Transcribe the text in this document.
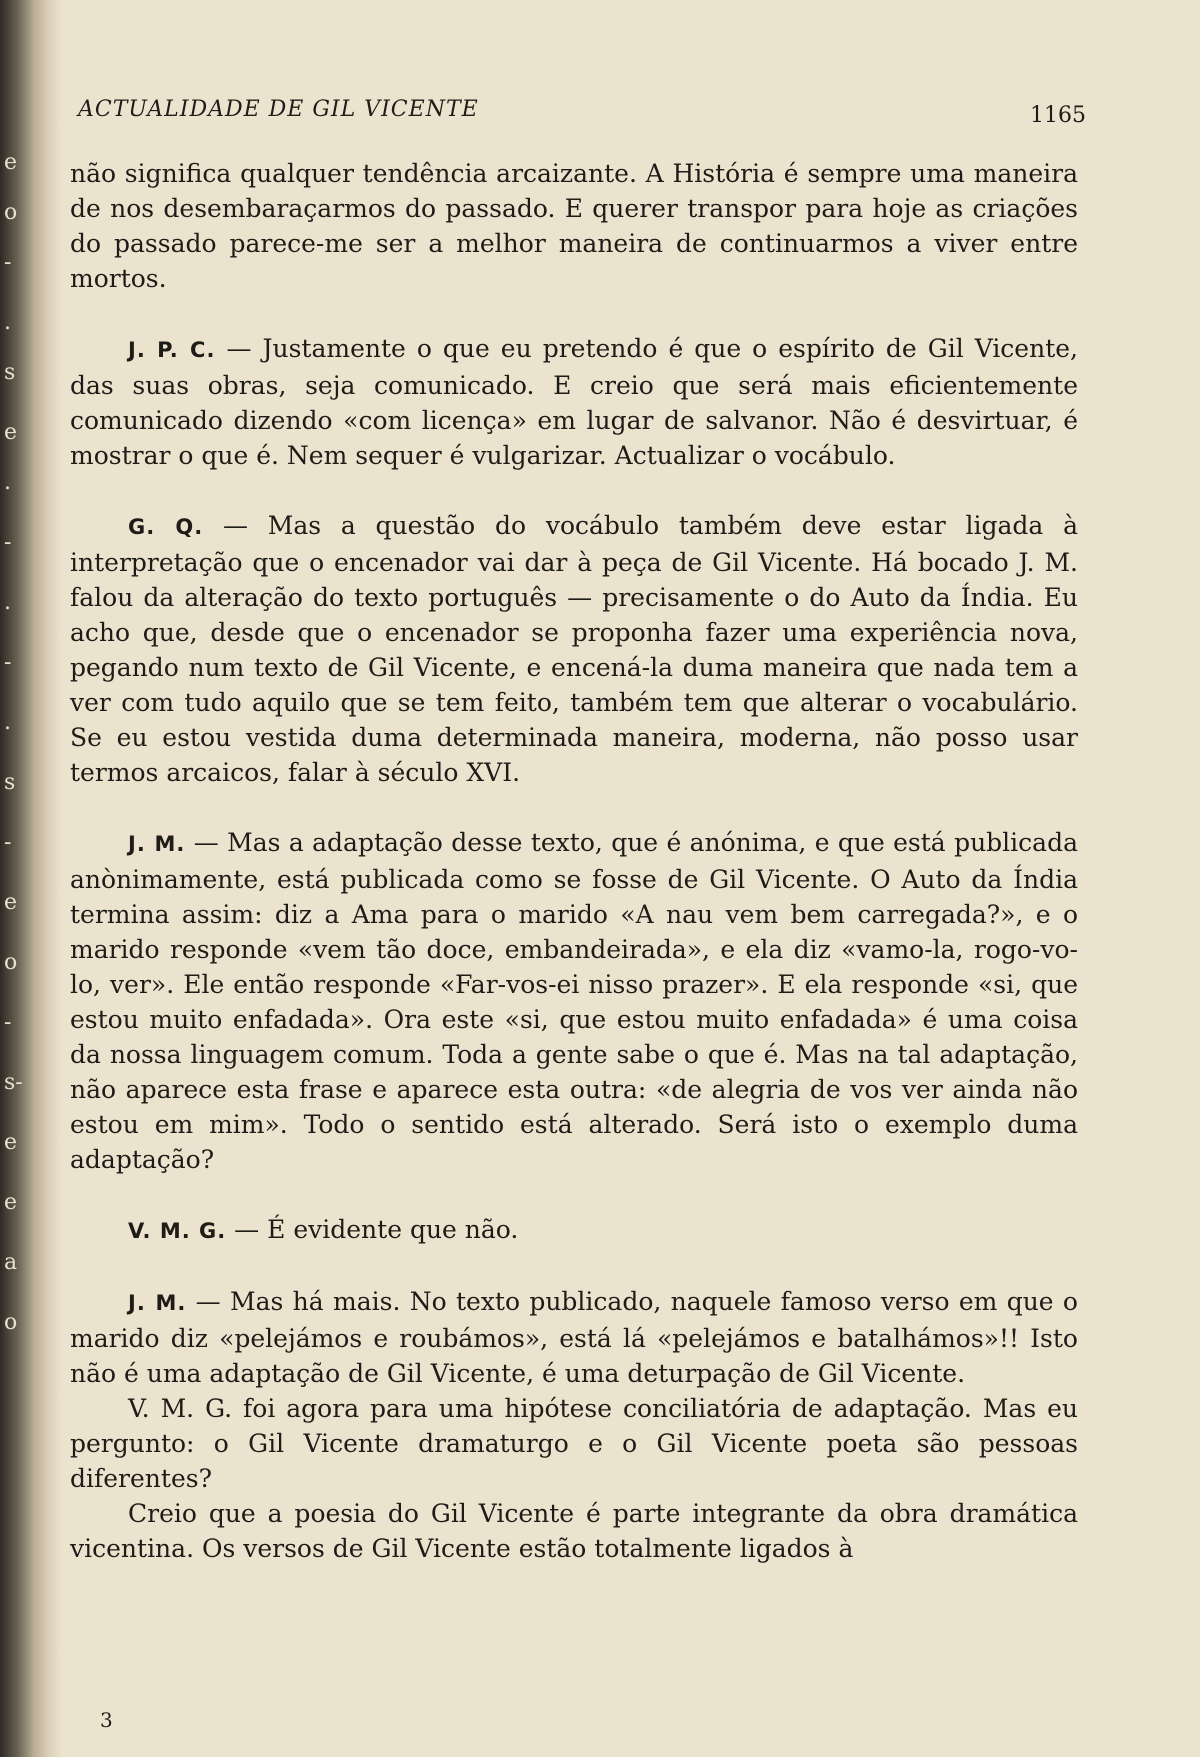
e
o
-
.
s
e
.
-
.
-
.
s
-
e
o
-
s-
e
e
a
o
ACTUALIDADE DE GIL VICENTE	1165

não significa qualquer tendência arcaizante. A História é sempre uma maneira de nos desembaraçarmos do passado. E querer transpor para hoje as criações do passado parece-me ser a melhor maneira de continuarmos a viver entre mortos.

J. P. C. — Justamente o que eu pretendo é que o espírito de Gil Vicente, das suas obras, seja comunicado. E creio que será mais eficientemente comunicado dizendo «com licença» em lugar de salvanor. Não é desvirtuar, é mostrar o que é. Nem sequer é vulgarizar. Actualizar o vocábulo.

G. Q. — Mas a questão do vocábulo também deve estar ligada à interpretação que o encenador vai dar à peça de Gil Vicente. Há bocado J. M. falou da alteração do texto português — precisamente o do Auto da Índia. Eu acho que, desde que o encenador se proponha fazer uma experiência nova, pegando num texto de Gil Vicente, e encená-la duma maneira que nada tem a ver com tudo aquilo que se tem feito, também tem que alterar o vocabulário. Se eu estou vestida duma determinada maneira, moderna, não posso usar termos arcaicos, falar à século XVI.

J. M. — Mas a adaptação desse texto, que é anónima, e que está publicada anònimamente, está publicada como se fosse de Gil Vicente. O Auto da Índia termina assim: diz a Ama para o marido «A nau vem bem carregada?», e o marido responde «vem tão doce, embandeirada», e ela diz «vamo-la, rogo-vo-lo, ver». Ele então responde «Far-vos-ei nisso prazer». E ela responde «si, que estou muito enfadada». Ora este «si, que estou muito enfadada» é uma coisa da nossa linguagem comum. Toda a gente sabe o que é. Mas na tal adaptação, não aparece esta frase e aparece esta outra: «de alegria de vos ver ainda não estou em mim». Todo o sentido está alterado. Será isto o exemplo duma adaptação?

V. M. G. — É evidente que não.

J. M. — Mas há mais. No texto publicado, naquele famoso verso em que o marido diz «pelejámos e roubámos», está lá «pelejámos e batalhámos»!! Isto não é uma adaptação de Gil Vicente, é uma deturpação de Gil Vicente.

V. M. G. foi agora para uma hipótese conciliatória de adaptação. Mas eu pergunto: o Gil Vicente dramaturgo e o Gil Vicente poeta são pessoas diferentes?

Creio que a poesia do Gil Vicente é parte integrante da obra dramática vicentina. Os versos de Gil Vicente estão totalmente ligados à

3
